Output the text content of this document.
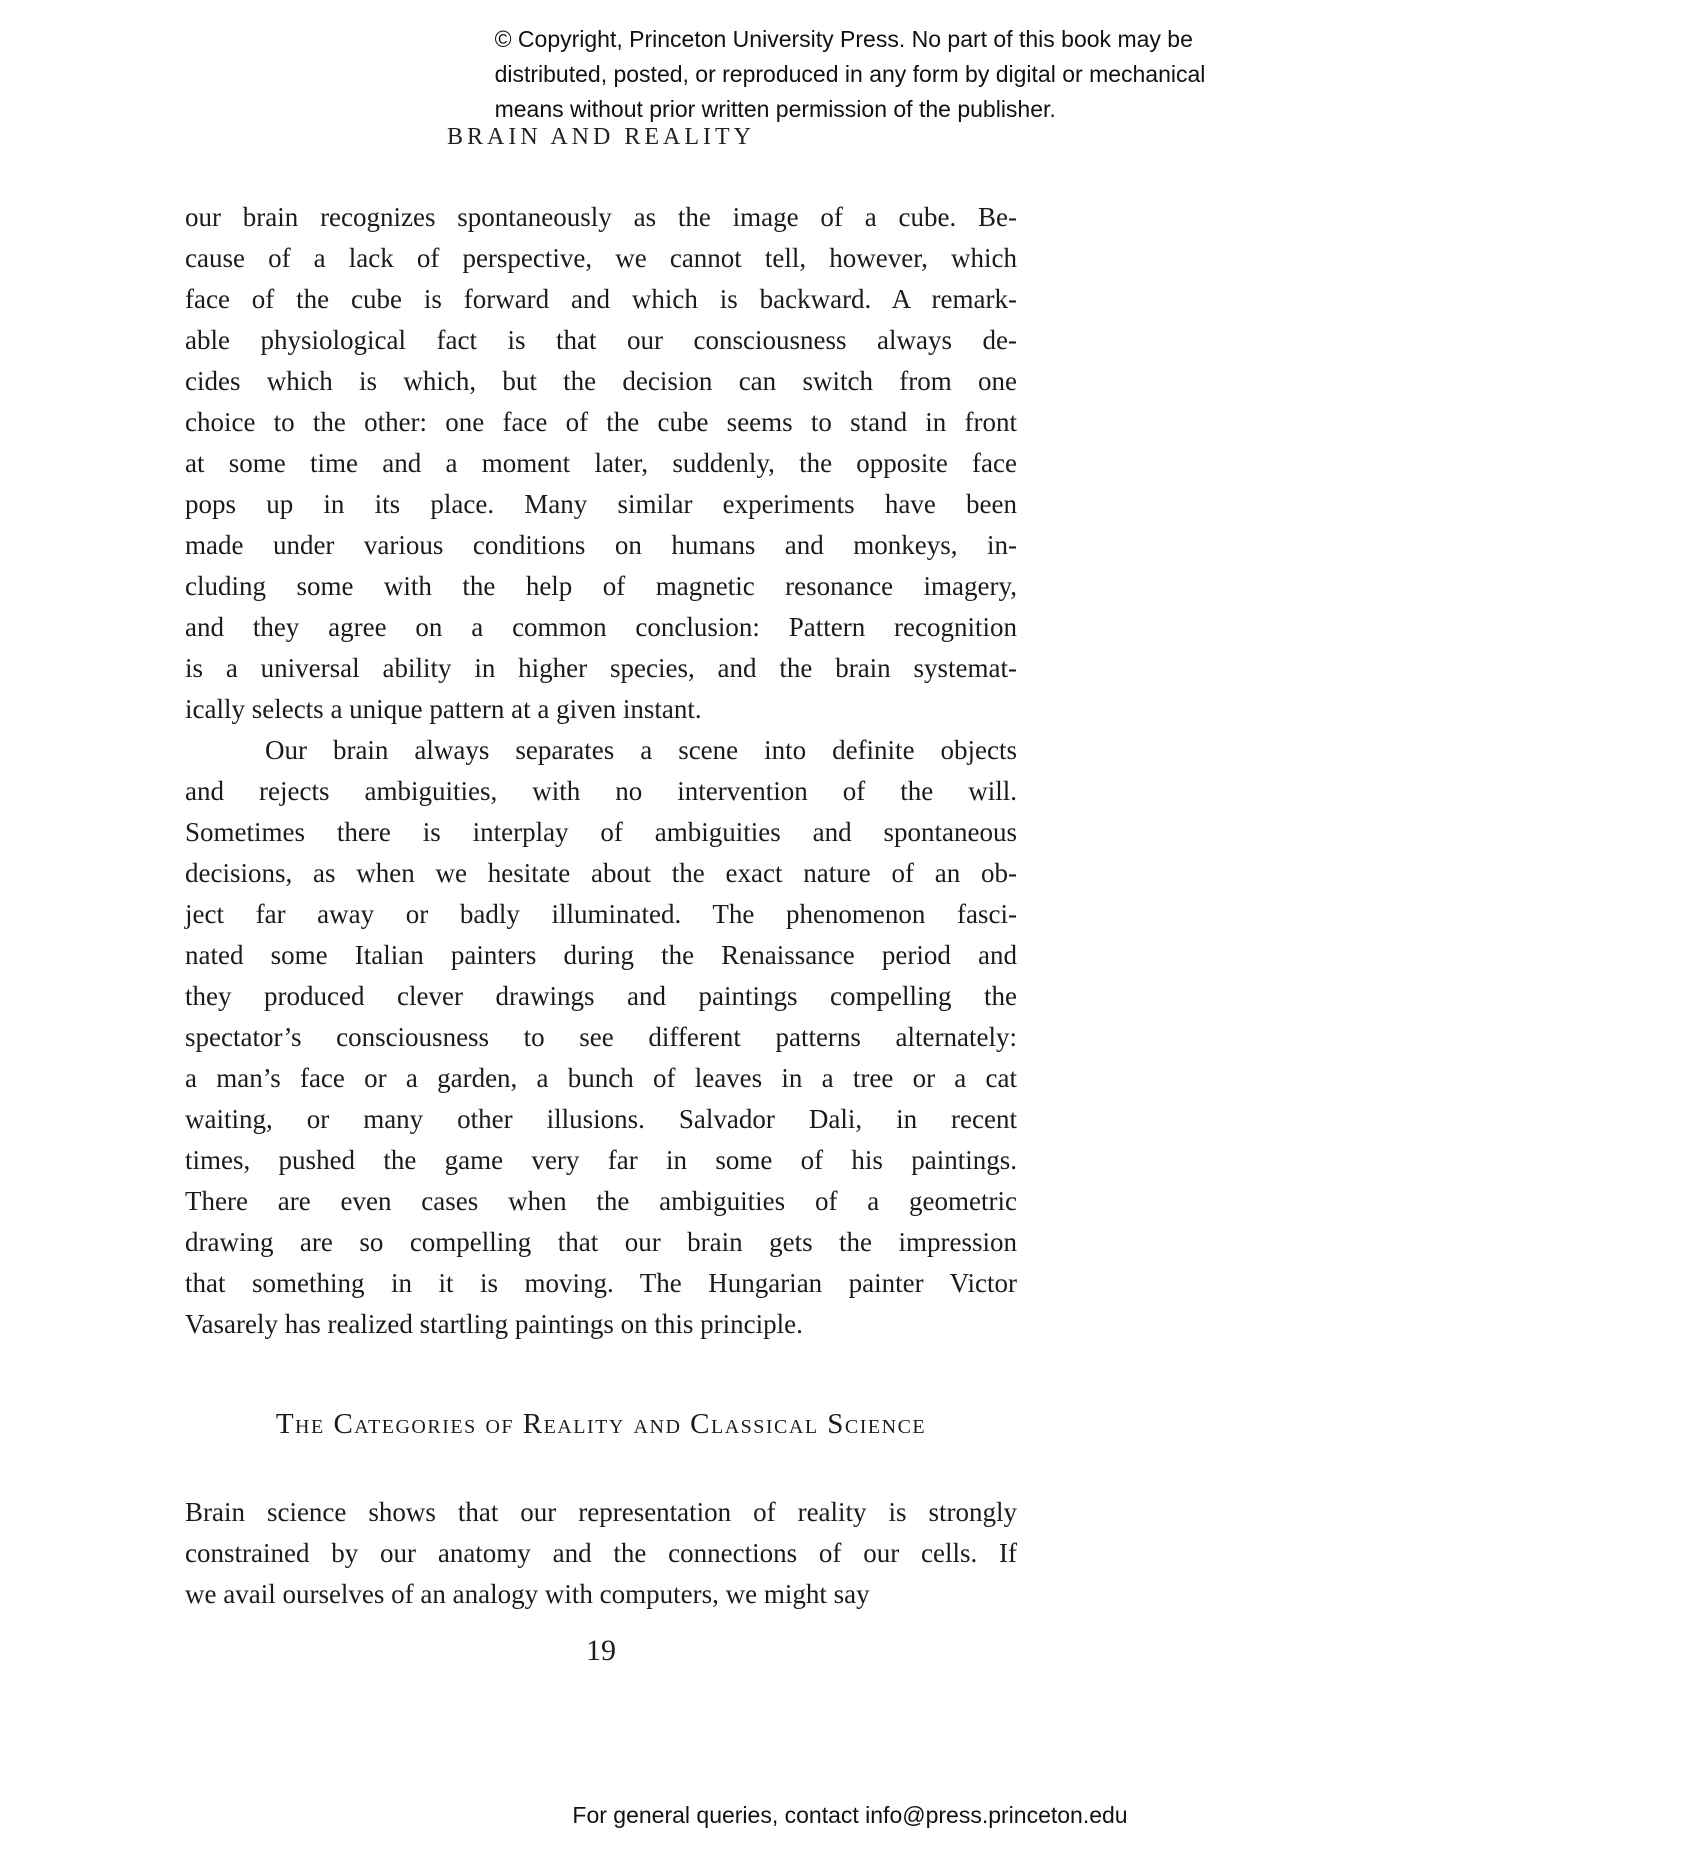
© Copyright, Princeton University Press. No part of this book may be
distributed, posted, or reproduced in any form by digital or mechanical
means without prior written permission of the publisher.
BRAIN AND REALITY
our brain recognizes spontaneously as the image of a cube. Be-
cause of a lack of perspective, we cannot tell, however, which
face of the cube is forward and which is backward. A remark-
able physiological fact is that our consciousness always de-
cides which is which, but the decision can switch from one
choice to the other: one face of the cube seems to stand in front
at some time and a moment later, suddenly, the opposite face
pops up in its place. Many similar experiments have been
made under various conditions on humans and monkeys, in-
cluding some with the help of magnetic resonance imagery,
and they agree on a common conclusion: Pattern recognition
is a universal ability in higher species, and the brain systemat-
ically selects a unique pattern at a given instant.
Our brain always separates a scene into definite objects
and rejects ambiguities, with no intervention of the will.
Sometimes there is interplay of ambiguities and spontaneous
decisions, as when we hesitate about the exact nature of an ob-
ject far away or badly illuminated. The phenomenon fasci-
nated some Italian painters during the Renaissance period and
they produced clever drawings and paintings compelling the
spectator’s consciousness to see different patterns alternately:
a man’s face or a garden, a bunch of leaves in a tree or a cat
waiting, or many other illusions. Salvador Dali, in recent
times, pushed the game very far in some of his paintings.
There are even cases when the ambiguities of a geometric
drawing are so compelling that our brain gets the impression
that something in it is moving. The Hungarian painter Victor
Vasarely has realized startling paintings on this principle.
The Categories of Reality and Classical Science
Brain science shows that our representation of reality is strongly
constrained by our anatomy and the connections of our cells. If
we avail ourselves of an analogy with computers, we might say
19
For general queries, contact info@press.princeton.edu
